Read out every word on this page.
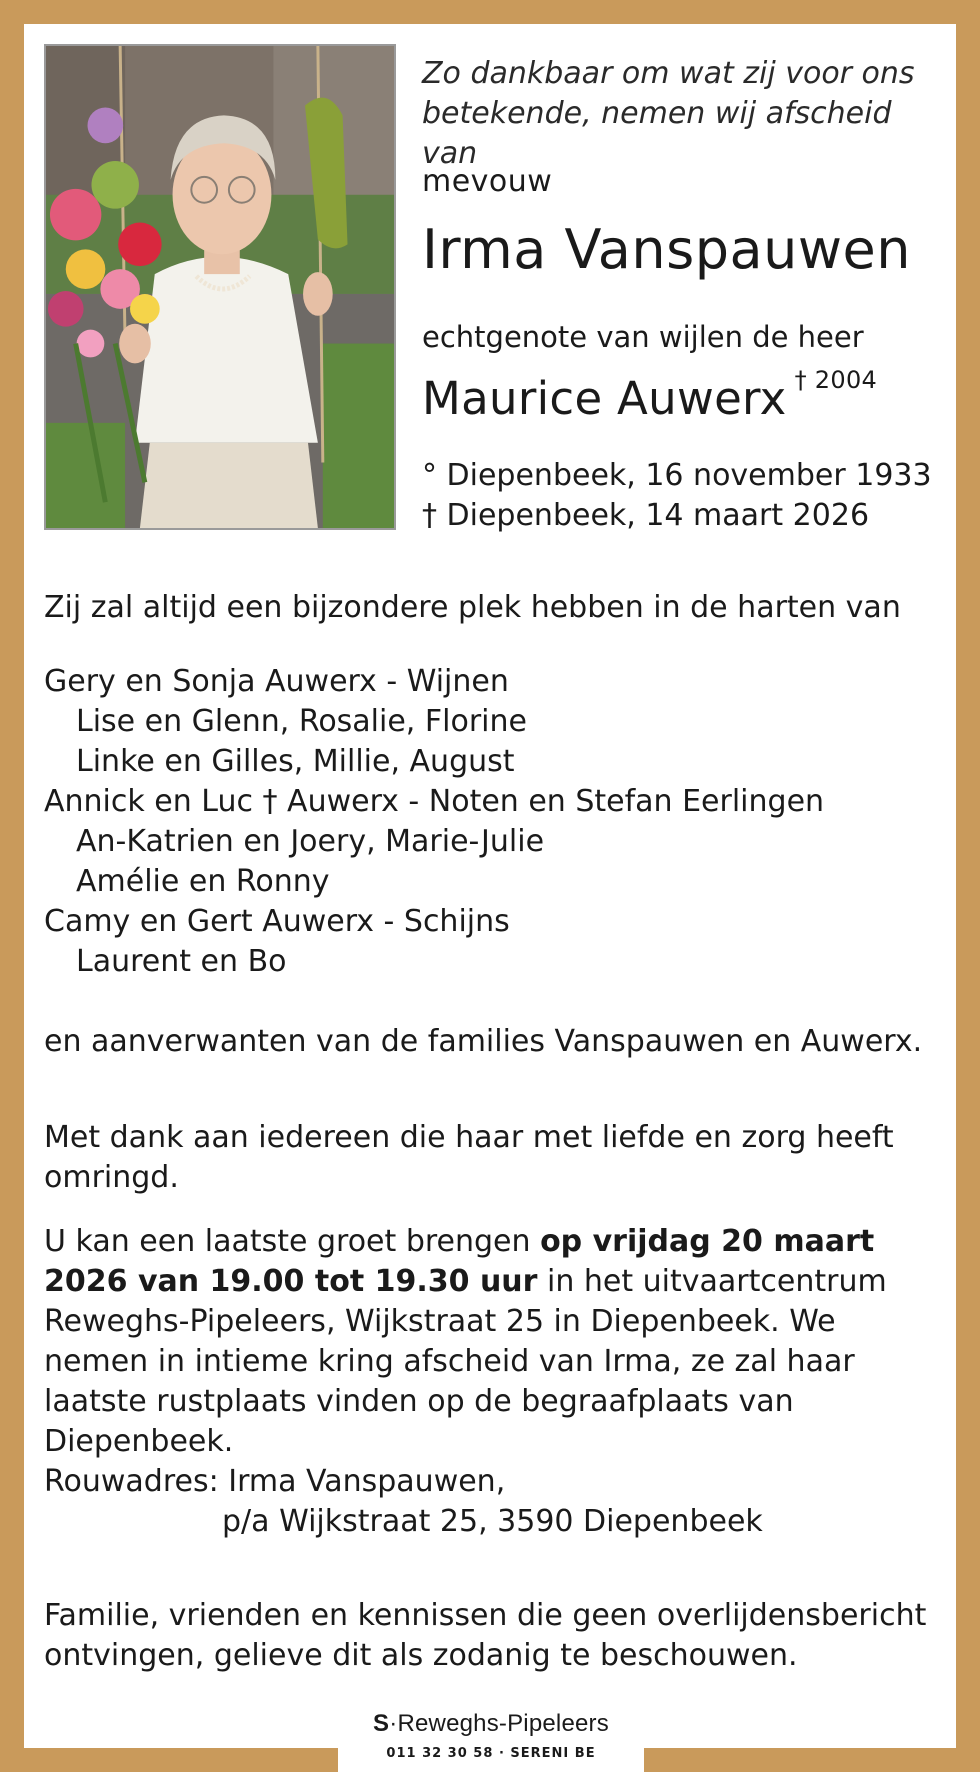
Zo dankbaar om wat zij voor ons betekende, nemen wij afscheid van
mevouw
Irma Vanspauwen
echtgenote van wijlen de heer
Maurice Auwerx $^{\dagger 2004}$
° Diepenbeek, 16 november 1933
† Diepenbeek, 14 maart 2026
Zij zal altijd een bijzondere plek hebben in de harten van
Gery en Sonja Auwerx - Wijnen
Lise en Glenn, Rosalie, Florine
Linke en Gilles, Millie, August
Annick en Luc † Auwerx - Noten en Stefan Eerlingen
An-Katrien en Joery, Marie-Julie
Amélie en Ronny
Camy en Gert Auwerx - Schijns
Laurent en Bo
en aanverwanten van de families Vanspauwen en Auwerx.
Met dank aan iedereen die haar met liefde en zorg heeft omringd.
U kan een laatste groet brengen op vrijdag 20 maart 2026 van 19.00 tot 19.30 uur in het uitvaartcentrum Reweghs-Pipeleers, Wijkstraat 25 in Diepenbeek. We nemen in intieme kring afscheid van Irma, ze zal haar laatste rustplaats vinden op de begraafplaats van Diepenbeek.
Rouwadres: Irma Vanspauwen,
p/a Wijkstraat 25, 3590 Diepenbeek
Familie, vrienden en kennissen die geen overlijdensbericht ontvingen, gelieve dit als zodanig te beschouwen.
S·Reweghs-Pipeleers
011 32 30 58 · SERENI BE
